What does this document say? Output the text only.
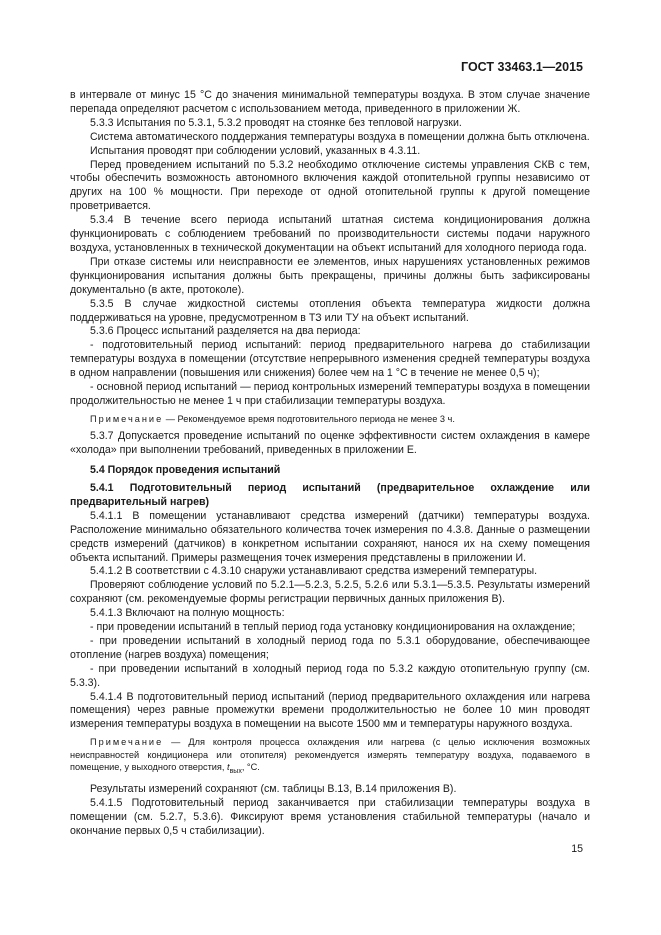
ГОСТ 33463.1—2015

в интервале от минус 15 °С до значения минимальной температуры воздуха. В этом случае значение перепада определяют расчетом с использованием метода, приведенного в приложении Ж.

5.3.3 Испытания по 5.3.1, 5.3.2 проводят на стоянке без тепловой нагрузки.

Система автоматического поддержания температуры воздуха в помещении должна быть отключена.

Испытания проводят при соблюдении условий, указанных в 4.3.11.

Перед проведением испытаний по 5.3.2 необходимо отключение системы управления СКВ с тем, чтобы обеспечить возможность автономного включения каждой отопительной группы независимо от других на 100 % мощности. При переходе от одной отопительной группы к другой помещение проветривается.

5.3.4 В течение всего периода испытаний штатная система кондиционирования должна функционировать с соблюдением требований по производительности системы подачи наружного воздуха, установленных в технической документации на объект испытаний для холодного периода года.

При отказе системы или неисправности ее элементов, иных нарушениях установленных режимов функционирования испытания должны быть прекращены, причины должны быть зафиксированы документально (в акте, протоколе).

5.3.5 В случае жидкостной системы отопления объекта температура жидкости должна поддерживаться на уровне, предусмотренном в ТЗ или ТУ на объект испытаний.

5.3.6 Процесс испытаний разделяется на два периода:

- подготовительный период испытаний: период предварительного нагрева до стабилизации температуры воздуха в помещении (отсутствие непрерывного изменения средней температуры воздуха в одном направлении (повышения или снижения) более чем на 1 °С в течение не менее 0,5 ч);

- основной период испытаний — период контрольных измерений температуры воздуха в помещении продолжительностью не менее 1 ч при стабилизации температуры воздуха.

Примечание — Рекомендуемое время подготовительного периода не менее 3 ч.

5.3.7 Допускается проведение испытаний по оценке эффективности систем охлаждения в камере «холода» при выполнении требований, приведенных в приложении Е.

5.4 Порядок проведения испытаний

5.4.1 Подготовительный период испытаний (предварительное охлаждение или предварительный нагрев)

5.4.1.1 В помещении устанавливают средства измерений (датчики) температуры воздуха. Расположение минимально обязательного количества точек измерения по 4.3.8. Данные о размещении средств измерений (датчиков) в конкретном испытании сохраняют, нанося их на схему помещения объекта испытаний. Примеры размещения точек измерения представлены в приложении И.

5.4.1.2 В соответствии с 4.3.10 снаружи устанавливают средства измерений температуры.

Проверяют соблюдение условий по 5.2.1—5.2.3, 5.2.5, 5.2.6 или 5.3.1—5.3.5. Результаты измерений сохраняют (см. рекомендуемые формы регистрации первичных данных приложения В).

5.4.1.3 Включают на полную мощность:

- при проведении испытаний в теплый период года установку кондиционирования на охлаждение;

- при проведении испытаний в холодный период года по 5.3.1 оборудование, обеспечивающее отопление (нагрев воздуха) помещения;

- при проведении испытаний в холодный период года по 5.3.2 каждую отопительную группу (см. 5.3.3).

5.4.1.4 В подготовительный период испытаний (период предварительного охлаждения или нагрева помещения) через равные промежутки времени продолжительностью не более 10 мин проводят измерения температуры воздуха в помещении на высоте 1500 мм и температуры наружного воздуха.

Примечание — Для контроля процесса охлаждения или нагрева (с целью исключения возможных неисправностей кондиционера или отопителя) рекомендуется измерять температуру воздуха, подаваемого в помещение, у выходного отверстия, $t_{вых}$, °С.

Результаты измерений сохраняют (см. таблицы В.13, В.14 приложения В).

5.4.1.5 Подготовительный период заканчивается при стабилизации температуры воздуха в помещении (см. 5.2.7, 5.3.6). Фиксируют время установления стабильной температуры (начало и окончание первых 0,5 ч стабилизации).

15
